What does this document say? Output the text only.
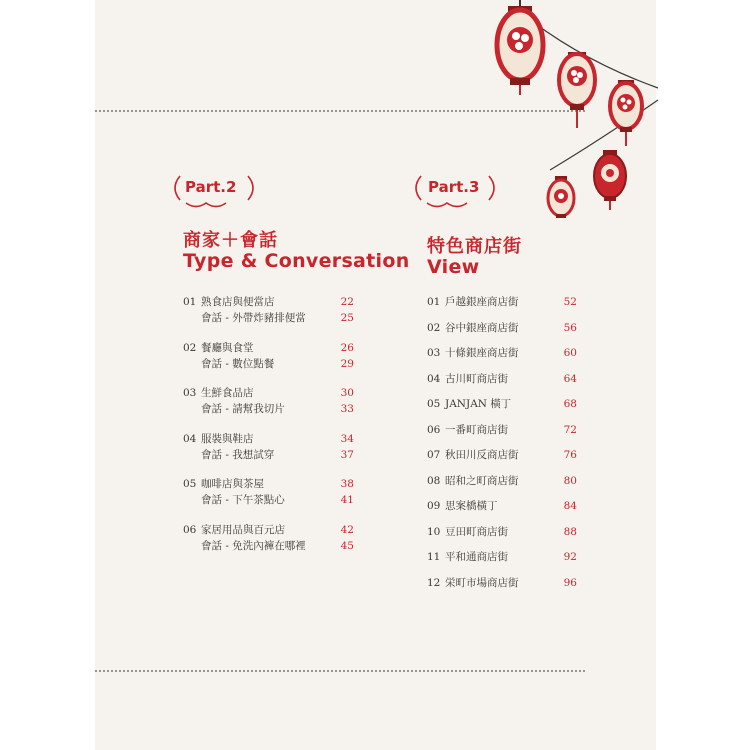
Part.2
商家＋會話
Type & Conversation
Part.3
特色商店街
View
01 熟食店與便當店	22
會話 - 外帶炸豬排便當	25
02 餐廳與食堂	26
會話 - 數位點餐	29
03 生鮮食品店	30
會話 - 請幫我切片	33
04 服裝與鞋店	34
會話 - 我想試穿	37
05 咖啡店與茶屋	38
會話 - 下午茶點心	41
06 家居用品與百元店	42
會話 - 免洗內褲在哪裡	45
01 戶越銀座商店街	52
02 谷中銀座商店街	56
03 十條銀座商店街	60
04 古川町商店街	64
05 JANJAN 橫丁	68
06 一番町商店街	72
07 秋田川反商店街	76
08 昭和之町商店街	80
09 思案橋橫丁	84
10 豆田町商店街	88
11 平和通商店街	92
12 栄町市場商店街	96
